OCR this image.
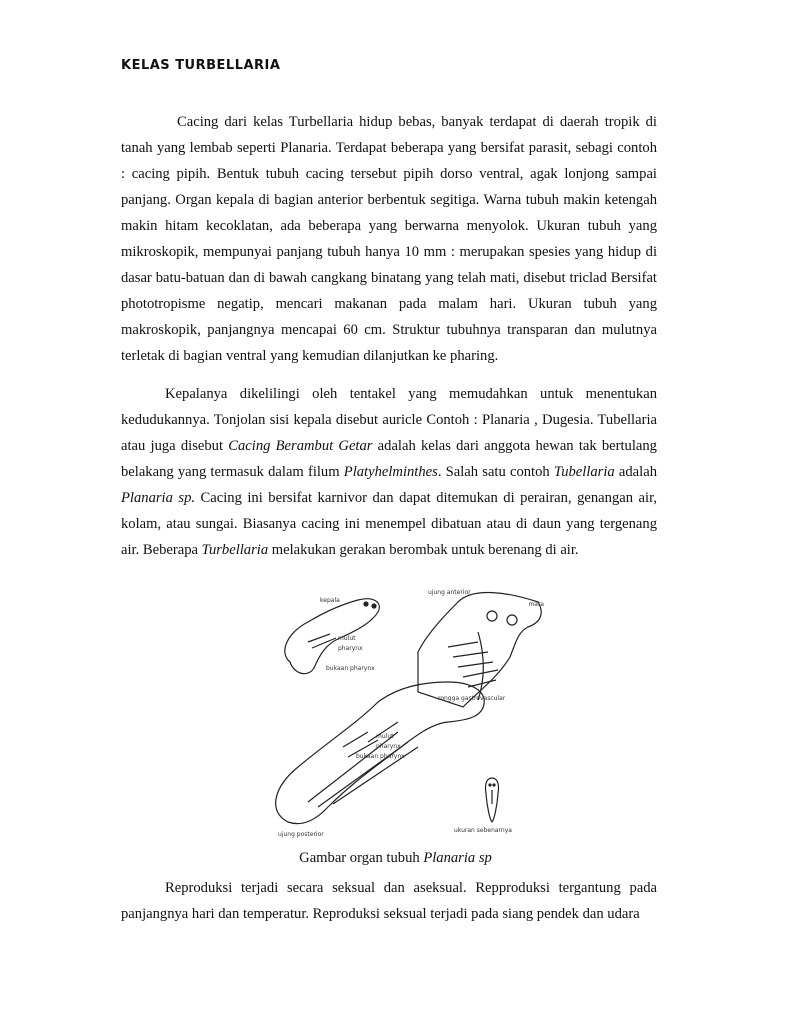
KELAS TURBELLARIA

Cacing dari kelas Turbellaria hidup bebas, banyak terdapat di daerah tropik di tanah yang lembab seperti Planaria. Terdapat beberapa yang bersifat parasit, sebagi contoh : cacing pipih. Bentuk tubuh cacing tersebut pipih dorso ventral, agak lonjong sampai panjang. Organ kepala di bagian anterior berbentuk segitiga. Warna tubuh makin ketengah makin hitam kecoklatan, ada beberapa yang berwarna menyolok. Ukuran tubuh yang mikroskopik, mempunyai panjang tubuh hanya 10 mm : merupakan spesies yang hidup di dasar batu-batuan dan di bawah cangkang binatang yang telah mati, disebut triclad Bersifat phototropisme negatip, mencari makanan pada malam hari. Ukuran tubuh yang makroskopik, panjangnya mencapai 60 cm. Struktur tubuhnya transparan dan mulutnya terletak di bagian ventral yang kemudian dilanjutkan ke pharing.

Kepalanya dikelilingi oleh tentakel yang memudahkan untuk menentukan kedudukannya. Tonjolan sisi kepala disebut auricle Contoh : Planaria , Dugesia. Tubellaria atau juga disebut Cacing Berambut Getar adalah kelas dari anggota hewan tak bertulang belakang yang termasuk dalam filum Platyhelminthes. Salah satu contoh Tubellaria adalah Planaria sp. Cacing ini bersifat karnivor dan dapat ditemukan di perairan, genangan air, kolam, atau sungai. Biasanya cacing ini menempel dibatuan atau di daun yang tergenang air. Beberapa Turbellaria melakukan gerakan berombak untuk berenang di air.

kepala
ujung anterior
mata
mulut
pharynx
bukaan pharynx
rongga gastrovascular
mulut
pharynx
bukaan pharynx
ujung posterior
ukuran sebenarnya
Gambar organ tubuh Planaria sp

Reproduksi terjadi secara seksual dan aseksual. Repproduksi tergantung pada panjangnya hari dan temperatur. Reproduksi seksual terjadi pada siang pendek dan udara
